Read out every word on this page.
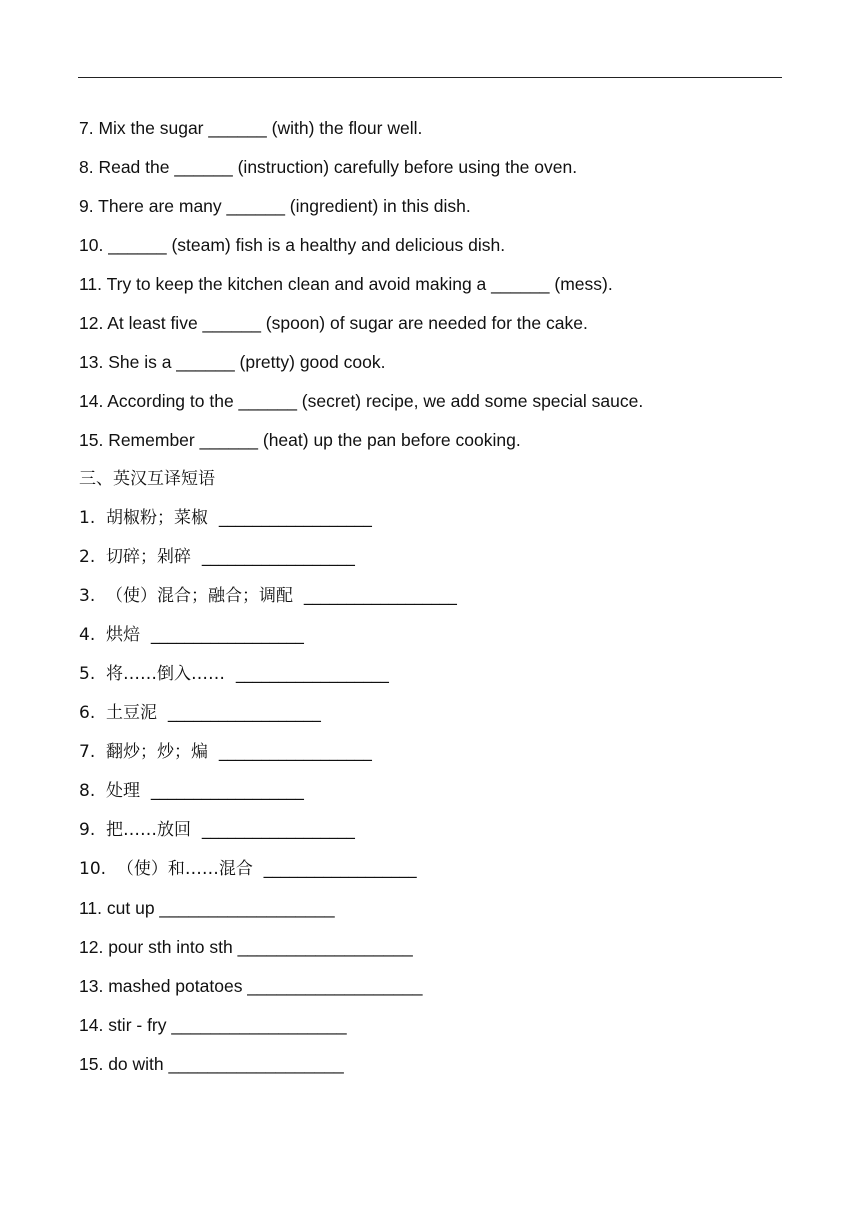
7. Mix the sugar ______ (with) the flour well.
8. Read the ______ (instruction) carefully before using the oven.
9. There are many ______ (ingredient) in this dish.
10. ______ (steam) fish is a healthy and delicious dish.
11. Try to keep the kitchen clean and avoid making a ______ (mess).
12. At least five ______ (spoon) of sugar are needed for the cake.
13. She is a ______ (pretty) good cook.
14. According to the ______ (secret) recipe, we add some special sauce.
15. Remember ______ (heat) up the pan before cooking.
三、英汉互译短语
1.  胡椒粉；菜椒  __________________
2.  切碎；剁碎  __________________
3.  （使）混合；融合；调配  __________________
4.  烘焙  __________________
5.  将……倒入……  __________________
6.  土豆泥  __________________
7.  翻炒；炒；煸  __________________
8.  处理  __________________
9.  把……放回  __________________
10.  （使）和……混合  __________________
11. cut up __________________
12. pour sth into sth __________________
13. mashed potatoes __________________
14. stir - fry __________________
15. do with __________________
